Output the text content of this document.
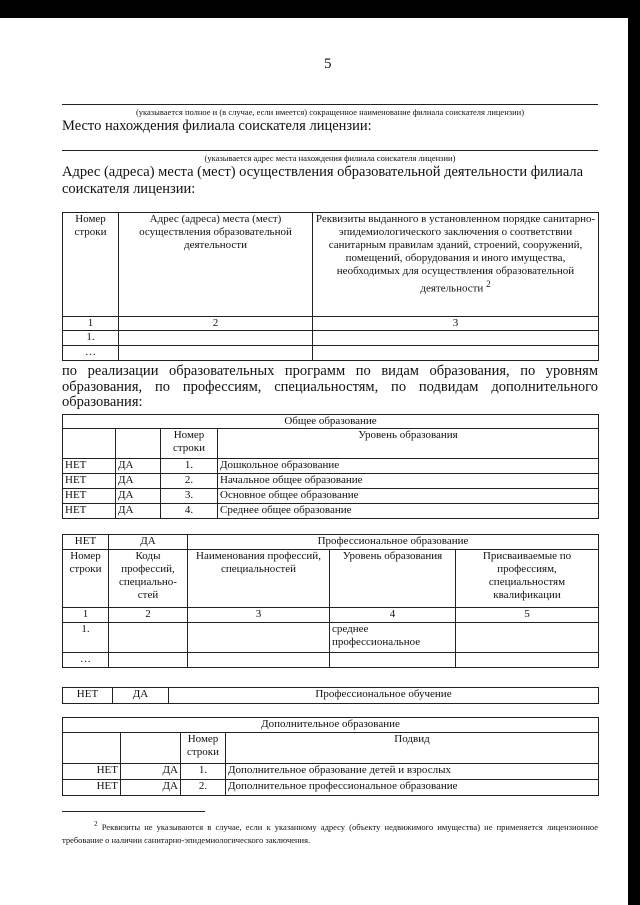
5
(указывается полное и (в случае, если имеется) сокращенное наименование филиала соискателя лицензии)
Место нахождения филиала соискателя лицензии:
(указывается адрес места нахождения филиала соискателя лицензии)
Адрес (адреса) места (мест) осуществления образовательной деятельности филиала соискателя лицензии:
Номер строки	Адрес (адреса) места (мест) осуществления образовательной деятельности	Реквизиты выданного в установленном порядке санитарно- эпидемиологического заключения о соответствии санитарным правилам зданий, строений, сооружений, помещений, оборудования и иного имущества, необходимых для осуществления образовательной деятельности $^2$
1	2	3
1.		
…		
по реализации образовательных программ по видам образования, по уровням образования, по профессиям, специальностям, по подвидам дополнительного образования:
Общее образование			
		Номер строки	Уровень образования
НЕТ	ДА	1.	Дошкольное образование
НЕТ	ДА	2.	Начальное общее образование
НЕТ	ДА	3.	Основное общее образование
НЕТ	ДА	4.	Среднее общее образование
НЕТ	ДА	Профессиональное образование		
Номер строки	Коды профессий, специально-стей	Наименования профессий, специальностей	Уровень образования	Присваиваемые по профессиям, специальностям квалификации
1	2	3	4	5
1.			среднее профессиональное	
…				
НЕТ	ДА	Профессиональное обучение
Дополнительное образование			
		Номер строки	Подвид
НЕТ	ДА	1.	Дополнительное образование детей и взрослых
НЕТ	ДА	2.	Дополнительное профессиональное образование
$^2$ Реквизиты не указываются в случае, если к указанному адресу (объекту недвижимого имущества) не применяется лицензионное требование о наличии санитарно-эпидемиологического заключения.
